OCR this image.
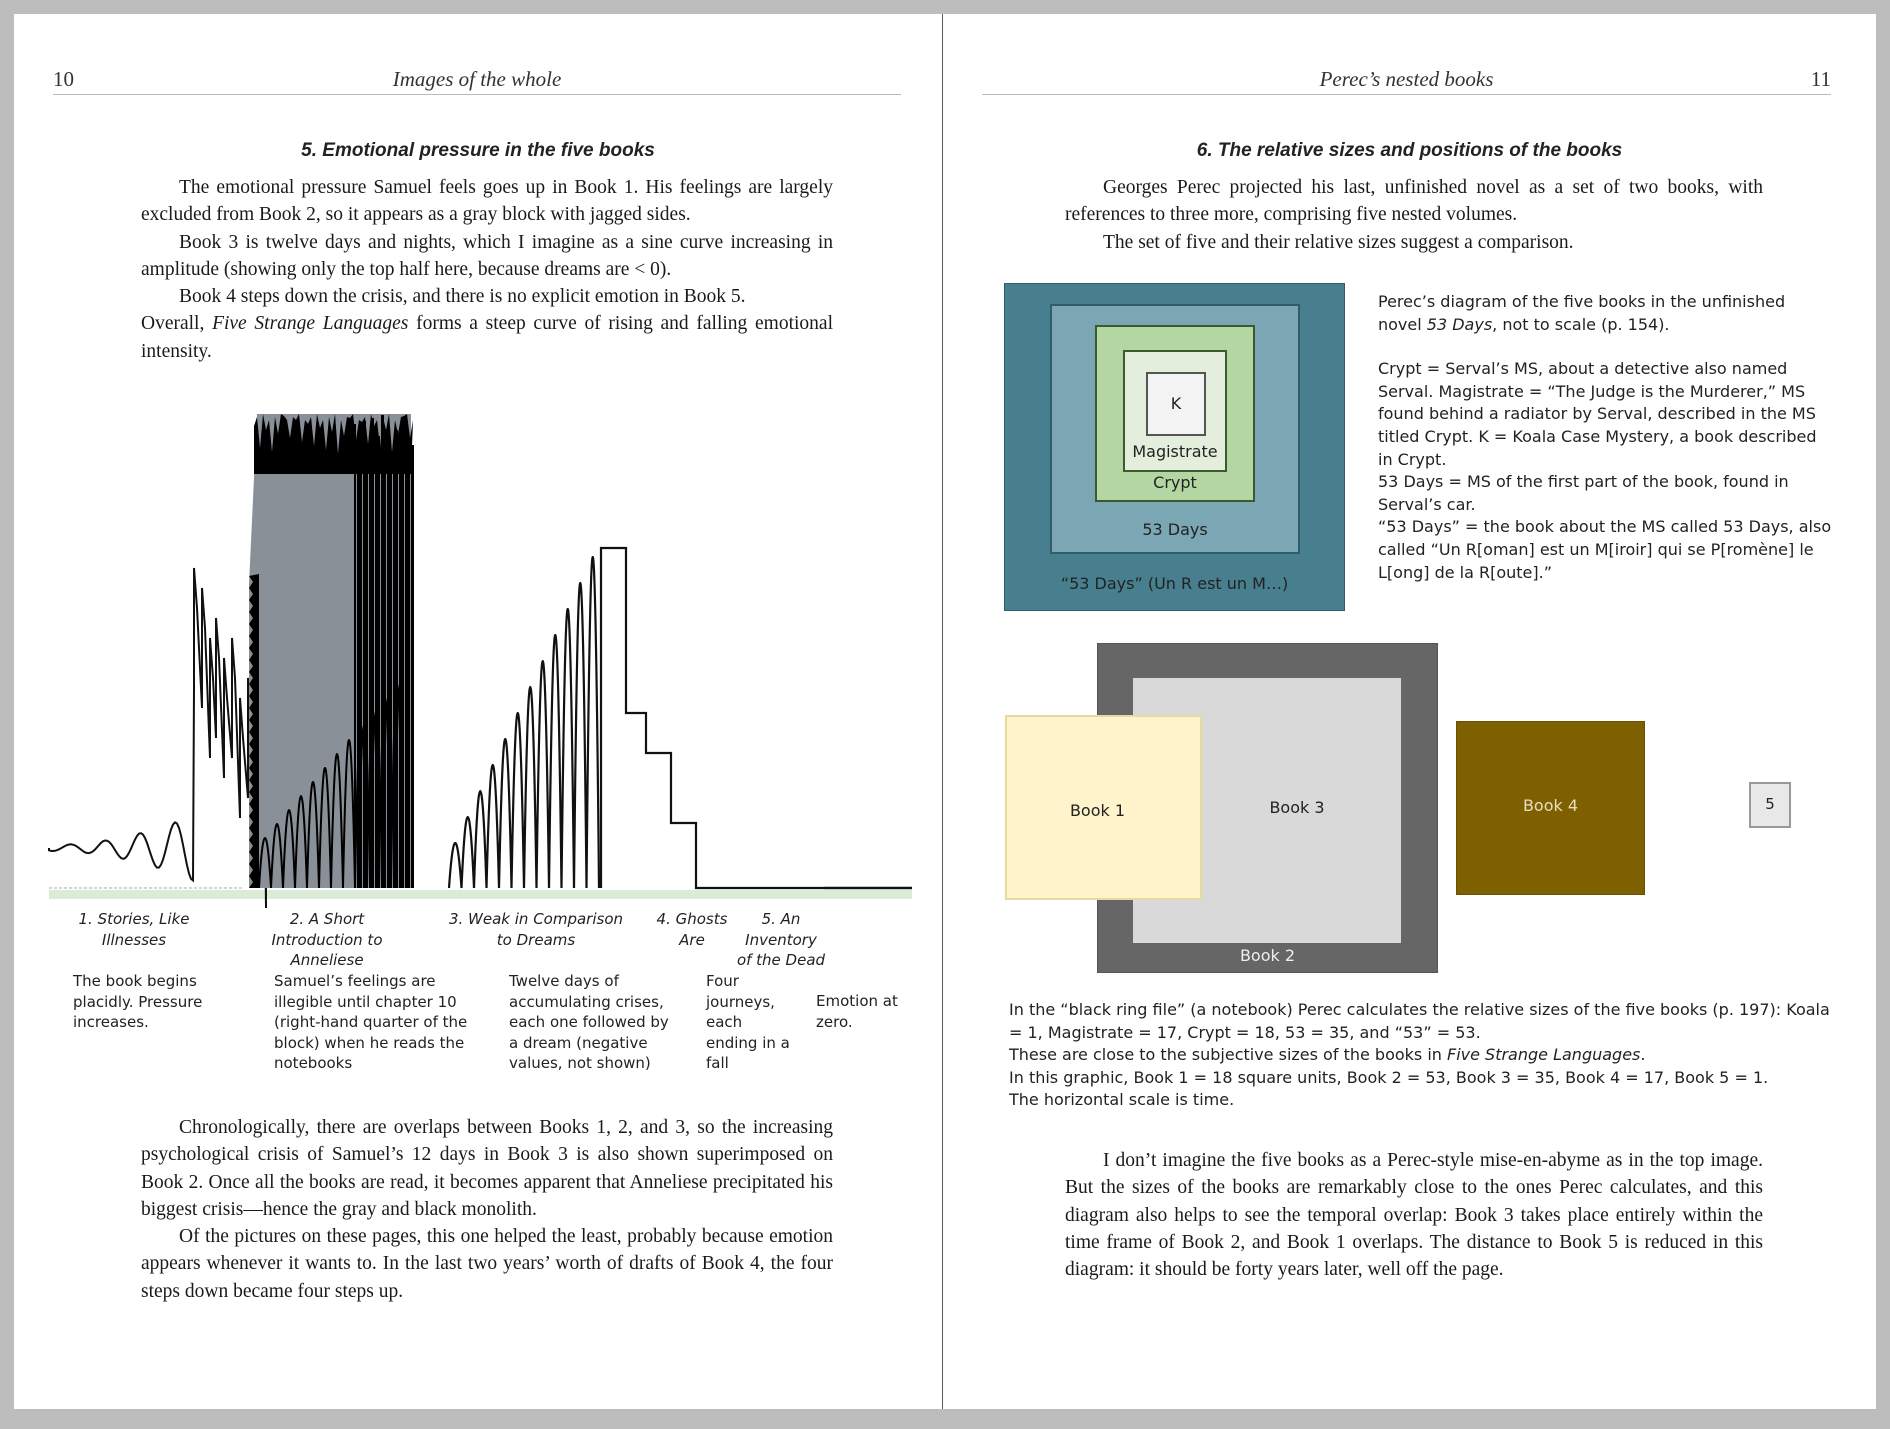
10	Images of the whole
5. Emotional pressure in the five books

The emotional pressure Samuel feels goes up in Book 1. His feelings are largely excluded from Book 2, so it appears as a gray block with jagged sides.

Book 3 is twelve days and nights, which I imagine as a sine curve increasing in amplitude (showing only the top half here, because dreams are < 0).

Book 4 steps down the crisis, and there is no explicit emotion in Book 5.

Overall, Five Strange Languages forms a steep curve of rising and falling emotional intensity.

1. Stories, Like Illnesses
2. A Short Introduction to Anneliese
3. Weak in Comparison to Dreams
4. Ghosts Are
5. An Inventory of the Dead
The book begins placidly. Pressure increases.
Samuel’s feelings are illegible until chapter 10 (right-hand quarter of the block) when he reads the notebooks
Twelve days of accumulating crises, each one followed by a dream (negative values, not shown)
Four journeys, each ending in a fall
Emotion at zero.

Chronologically, there are overlaps between Books 1, 2, and 3, so the increasing psychological crisis of Samuel’s 12 days in Book 3 is also shown superimposed on Book 2. Once all the books are read, it becomes apparent that Anneliese precipitated his biggest crisis—hence the gray and black monolith.

Of the pictures on these pages, this one helped the least, probably because emotion appears whenever it wants to. In the last two years’ worth of drafts of Book 4, the four steps down became four steps up.

Perec’s nested books	11
6. The relative sizes and positions of the books

Georges Perec projected his last, unfinished novel as a set of two books, with references to three more, comprising five nested volumes.

The set of five and their relative sizes suggest a comparison.

“53 Days” (Un R est un M…)
53 Days
Crypt
Magistrate
K
Perec’s diagram of the five books in the unfinished novel 53 Days, not to scale (p. 154).
Crypt = Serval’s MS, about a detective also named Serval. Magistrate = “The Judge is the Murderer,” MS found behind a radiator by Serval, described in the MS titled Crypt. K = Koala Case Mystery, a book described in Crypt.
53 Days = MS of the first part of the book, found in Serval’s car.
“53 Days” = the book about the MS called 53 Days, also called “Un R[oman] est un M[iroir] qui se P[romène] le L[ong] de la R[oute].”
Book 2
Book 3
Book 1	Book 4	5
In the “black ring file” (a notebook) Perec calculates the relative sizes of the five books (p. 197): Koala = 1, Magistrate = 17, Crypt = 18, 53 = 35, and “53” = 53.
These are close to the subjective sizes of the books in Five Strange Languages.
In this graphic, Book 1 = 18 square units, Book 2 = 53, Book 3 = 35, Book 4 = 17, Book 5 = 1.
The horizontal scale is time.

I don’t imagine the five books as a Perec-style mise-en-abyme as in the top image. But the sizes of the books are remarkably close to the ones Perec calculates, and this diagram also helps to see the temporal overlap: Book 3 takes place entirely within the time frame of Book 2, and Book 1 overlaps. The distance to Book 5 is reduced in this diagram: it should be forty years later, well off the page.
